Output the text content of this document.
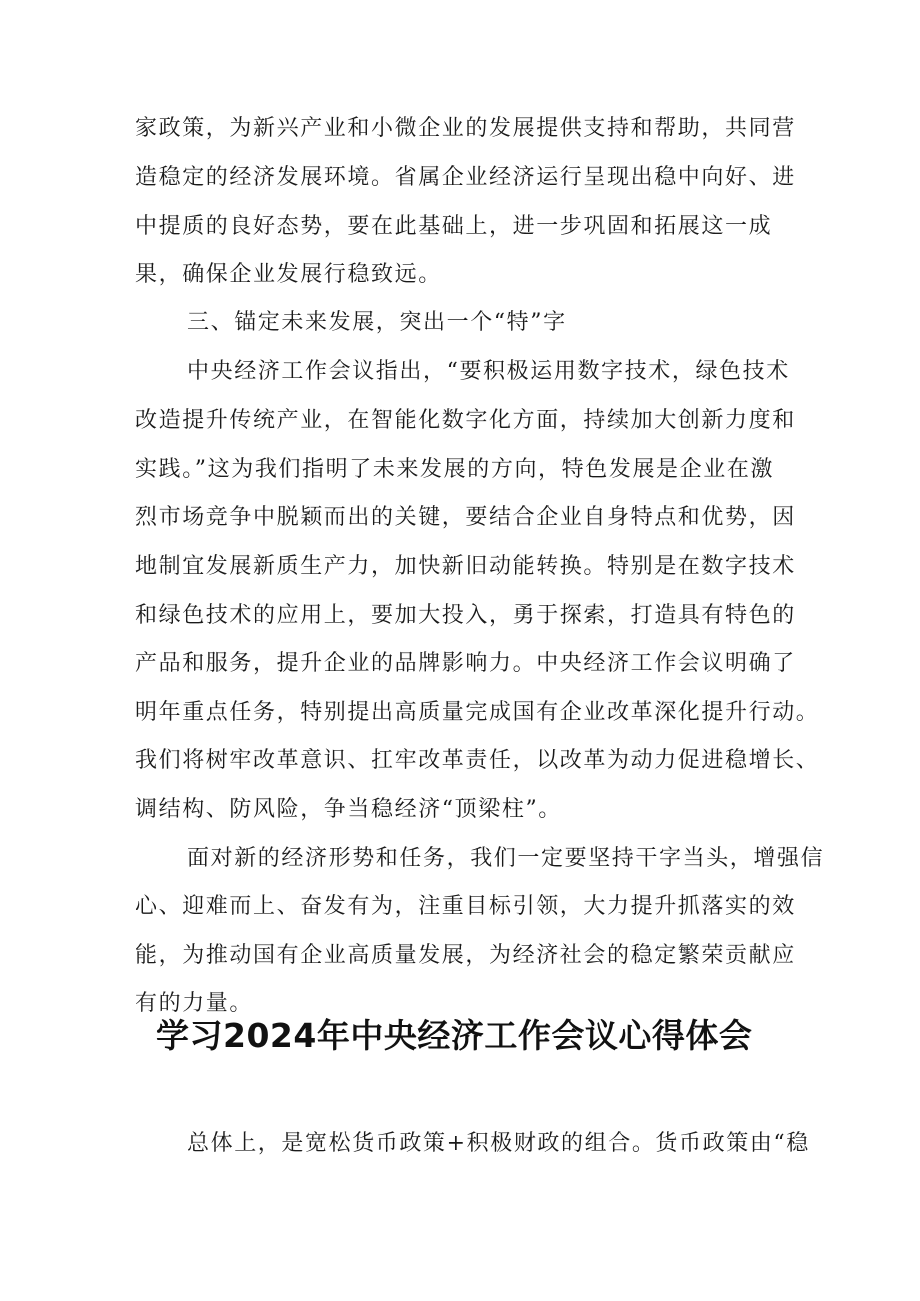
家政策，为新兴产业和小微企业的发展提供支持和帮助，共同营

造稳定的经济发展环境。省属企业经济运行呈现出稳中向好、进

中提质的良好态势，要在此基础上，进一步巩固和拓展这一成

果，确保企业发展行稳致远。

三、锚定未来发展，突出一个“特”字

中央经济工作会议指出，“要积极运用数字技术，绿色技术

改造提升传统产业，在智能化数字化方面，持续加大创新力度和

实践。”这为我们指明了未来发展的方向，特色发展是企业在激

烈市场竞争中脱颖而出的关键，要结合企业自身特点和优势，因

地制宜发展新质生产力，加快新旧动能转换。特别是在数字技术

和绿色技术的应用上，要加大投入，勇于探索，打造具有特色的

产品和服务，提升企业的品牌影响力。中央经济工作会议明确了

明年重点任务，特别提出高质量完成国有企业改革深化提升行动。

我们将树牢改革意识、扛牢改革责任，以改革为动力促进稳增长、

调结构、防风险，争当稳经济“顶梁柱”。

面对新的经济形势和任务，我们一定要坚持干字当头，增强信

心、迎难而上、奋发有为，注重目标引领，大力提升抓落实的效

能，为推动国有企业高质量发展，为经济社会的稳定繁荣贡献应

有的力量。

学习2024年中央经济工作会议心得体会

总体上，是宽松货币政策+积极财政的组合。货币政策由“稳
